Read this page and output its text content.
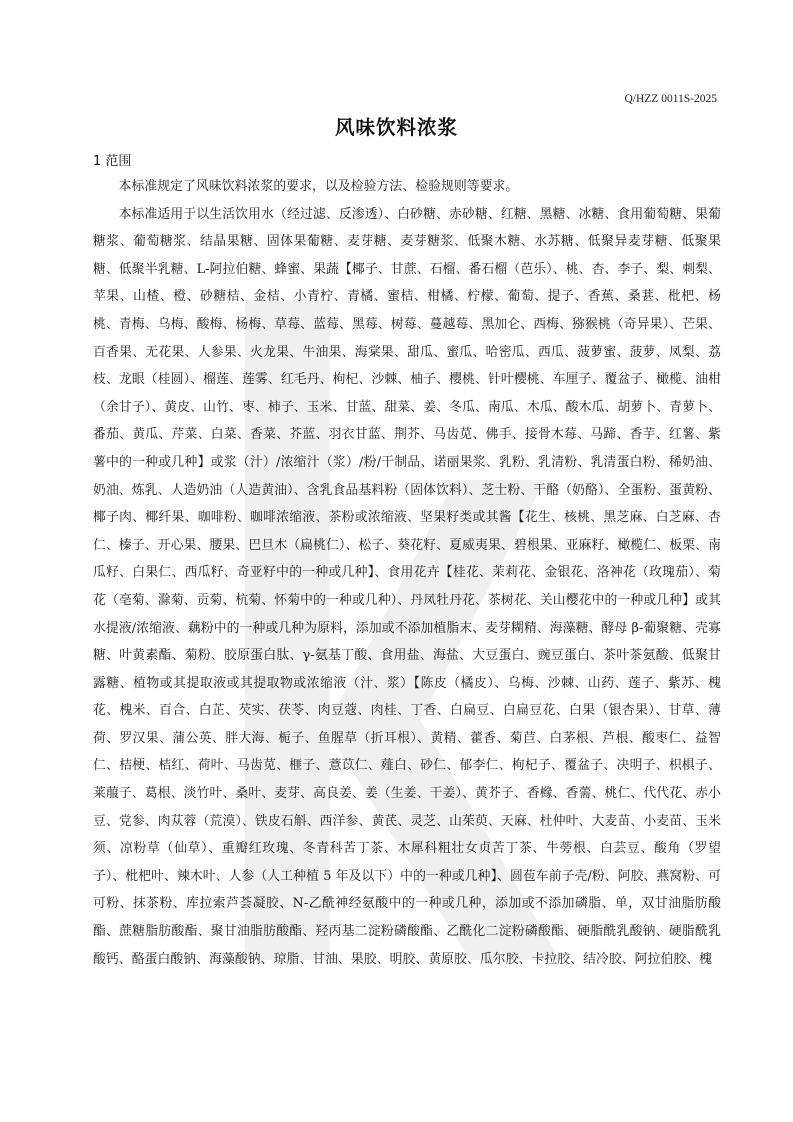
Q/HZZ 0011S-2025
风味饮料浓浆
1 范围

本标准规定了风味饮料浓浆的要求，以及检验方法、检验规则等要求。

本标准适用于以生活饮用水（经过滤、反渗透）、白砂糖、赤砂糖、红糖、黑糖、冰糖、食用葡萄糖、果葡糖浆、葡萄糖浆、结晶果糖、固体果葡糖、麦芽糖、麦芽糖浆、低聚木糖、水苏糖、低聚异麦芽糖、低聚果糖、低聚半乳糖、L-阿拉伯糖、蜂蜜、果蔬【椰子、甘蔗、石榴、番石榴（芭乐）、桃、杏、李子、梨、刺梨、苹果、山楂、橙、砂糖桔、金桔、小青柠、青橘、蜜桔、柑橘、柠檬、葡萄、提子、香蕉、桑葚、枇杷、杨桃、青梅、乌梅、酸梅、杨梅、草莓、蓝莓、黑莓、树莓、蔓越莓、黑加仑、西梅、猕猴桃（奇异果）、芒果、百香果、无花果、人参果、火龙果、牛油果、海棠果、甜瓜、蜜瓜、哈密瓜、西瓜、菠萝蜜、菠萝、凤梨、荔枝、龙眼（桂圆）、榴莲、莲雾、红毛丹、枸杞、沙棘、柚子、樱桃、针叶樱桃、车厘子、覆盆子、橄榄、油柑（余甘子）、黄皮、山竹、枣、柿子、玉米、甘蓝、甜菜、姜、冬瓜、南瓜、木瓜、酸木瓜、胡萝卜、青萝卜、番茄、黄瓜、芹菜、白菜、香菜、芥蓝、羽衣甘蓝、荆芥、马齿苋、佛手、接骨木莓、马蹄、香芋、红薯、紫薯中的一种或几种】或浆（汁）/浓缩汁（浆）/粉/干制品、诺丽果浆、乳粉、乳清粉、乳清蛋白粉、稀奶油、奶油、炼乳、人造奶油（人造黄油）、含乳食品基料粉（固体饮料）、芝士粉、干酪（奶酪）、全蛋粉、蛋黄粉、椰子肉、椰纤果、咖啡粉、咖啡浓缩液、茶粉或浓缩液、坚果籽类或其酱【花生、核桃、黑芝麻、白芝麻、杏仁、榛子、开心果、腰果、巴旦木（扁桃仁）、松子、葵花籽、夏威夷果、碧根果、亚麻籽、橄榄仁、板栗、南瓜籽、白果仁、西瓜籽、奇亚籽中的一种或几种】、食用花卉【桂花、茉莉花、金银花、洛神花（玫瑰茄）、菊花（亳菊、滁菊、贡菊、杭菊、怀菊中的一种或几种）、丹凤牡丹花、茶树花、关山樱花中的一种或几种】或其水提液/浓缩液、藕粉中的一种或几种为原料，添加或不添加植脂末、麦芽糊精、海藻糖、酵母 β-葡聚糖、壳寡糖、叶黄素酯、菊粉、胶原蛋白肽、γ-氨基丁酸、食用盐、海盐、大豆蛋白、豌豆蛋白、茶叶茶氨酸、低聚甘露糖、植物或其提取液或其提取物或浓缩液（汁、浆）【陈皮（橘皮）、乌梅、沙棘、山药、莲子、紫苏、槐花、槐米、百合、白芷、芡实、茯苓、肉豆蔻、肉桂、丁香、白扁豆、白扁豆花、白果（银杏果）、甘草、薄荷、罗汉果、蒲公英、胖大海、栀子、鱼腥草（折耳根）、黄精、藿香、菊苣、白茅根、芦根、酸枣仁、益智仁、桔梗、桔红、荷叶、马齿苋、榧子、薏苡仁、薤白、砂仁、郁李仁、枸杞子、覆盆子、决明子、枳椇子、莱菔子、葛根、淡竹叶、桑叶、麦芽、高良姜、姜（生姜、干姜）、黄芥子、香橼、香薷、桃仁、代代花、赤小豆、党参、肉苁蓉（荒漠）、铁皮石斛、西洋参、黄芪、灵芝、山茱萸、天麻、杜仲叶、大麦苗、小麦苗、玉米须、凉粉草（仙草）、重瓣红玫瑰、冬青科苦丁茶、木犀科粗壮女贞苦丁茶、牛蒡根、白芸豆、酸角（罗望子）、枇杷叶、辣木叶、人参（人工种植 5 年及以下）中的一种或几种】、圆苞车前子壳/粉、阿胶、燕窝粉、可可粉、抹茶粉、库拉索芦荟凝胶、N-乙酰神经氨酸中的一种或几种，添加或不添加磷脂、单，双甘油脂肪酸酯、蔗糖脂肪酸酯、聚甘油脂肪酸酯、羟丙基二淀粉磷酸酯、乙酰化二淀粉磷酸酯、硬脂酰乳酸钠、硬脂酰乳酸钙、酪蛋白酸钠、海藻酸钠、琼脂、甘油、果胶、明胶、黄原胶、瓜尔胶、卡拉胶、结冷胶、阿拉伯胶、槐
